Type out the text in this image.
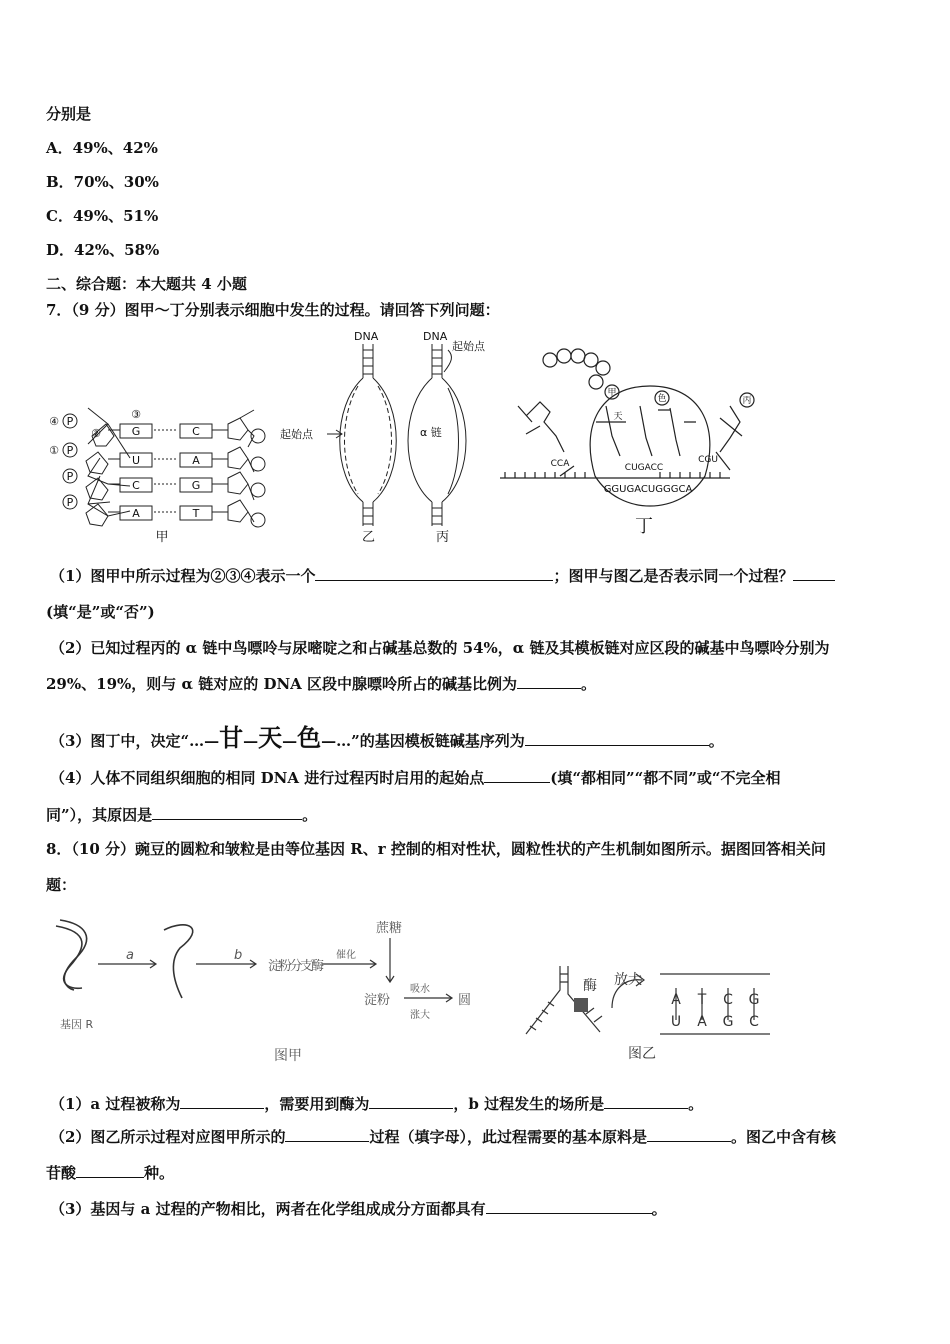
分别是
A．49%、42%
B．70%、30%
C．49%、51%
D．42%、58%
二、综合题：本大题共 4 小题
7．（9 分）图甲～丁分别表示细胞中发生的过程。请回答下列问题：
P
P
P
P
④
②
③
①
G
U
C
A
C
A
G
T
甲
DNA
起始点
乙
DNA
起始点
α 链
丙
甲
天
色	丙
CCA	CUGACC
CGU
GGUGACUGGGCA
丁
（1）图甲中所示过程为②③④表示一个	；图甲与图乙是否表示同一个过程？
(填“是”或“否”)
（2）已知过程丙的 α 链中鸟嘌呤与尿嘧啶之和占碱基总数的 54%，α 链及其模板链对应区段的碱基中鸟嘌呤分别为
29%、19%，则与 α 链对应的 DNA 区段中腺嘌呤所占的碱基比例为	。
（3）图丁中，决定“…—甘—天—色—…”的基因模板链碱基序列为	。
（4）人体不同组织细胞的相同 DNA 进行过程丙时启用的起始点	(填“都相同”“都不同”或“不完全相
同”），其原因是	。
8．（10 分）豌豆的圆粒和皱粒是由等位基因 R、r 控制的相对性状，圆粒性状的产生机制如图所示。据图回答相关问
题：
a	b
基因 R
淀粉分支酶
催化
蔗糖
淀粉
吸水
涨大
圆
图甲
酶 放大
A T C G
U A G C
图乙
（1）a 过程被称为	，需要用到酶为	，b 过程发生的场所是	。
（2）图乙所示过程对应图甲所示的	过程（填字母），此过程需要的基本原料是	。图乙中含有核
苷酸	种。
（3）基因与 a 过程的产物相比，两者在化学组成成分方面都具有	。
